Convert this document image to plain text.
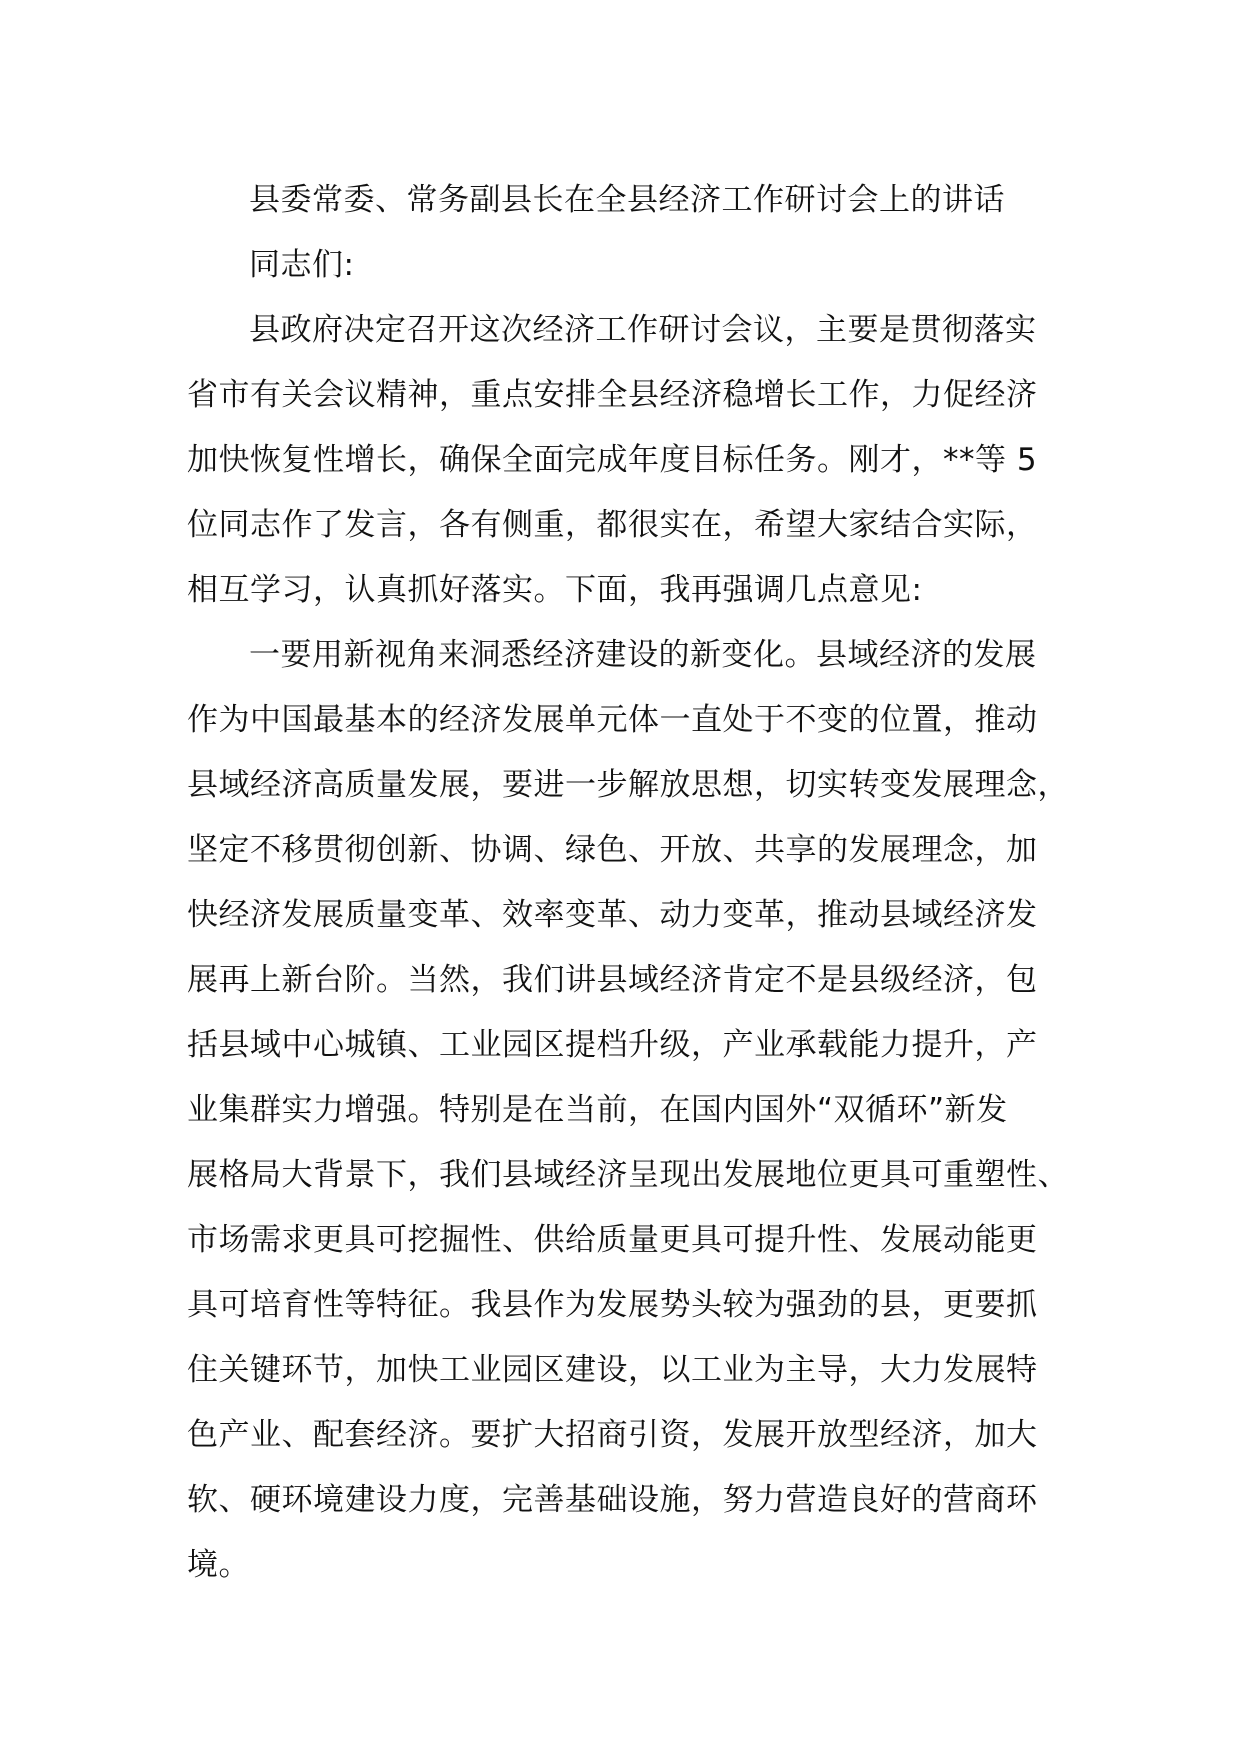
县委常委、常务副县长在全县经济工作研讨会上的讲话
同志们:
县政府决定召开这次经济工作研讨会议，主要是贯彻落实
省市有关会议精神，重点安排全县经济稳增长工作，力促经济
加快恢复性增长，确保全面完成年度目标任务。刚才，**等 5
位同志作了发言，各有侧重，都很实在，希望大家结合实际，
相互学习，认真抓好落实。下面，我再强调几点意见:
一要用新视角来洞悉经济建设的新变化。县域经济的发展
作为中国最基本的经济发展单元体一直处于不变的位置，推动
县域经济高质量发展，要进一步解放思想，切实转变发展理念，
坚定不移贯彻创新、协调、绿色、开放、共享的发展理念，加
快经济发展质量变革、效率变革、动力变革，推动县域经济发
展再上新台阶。当然，我们讲县域经济肯定不是县级经济，包
括县域中心城镇、工业园区提档升级，产业承载能力提升，产
业集群实力增强。特别是在当前，在国内国外“双循环”新发
展格局大背景下，我们县域经济呈现出发展地位更具可重塑性、
市场需求更具可挖掘性、供给质量更具可提升性、发展动能更
具可培育性等特征。我县作为发展势头较为强劲的县，更要抓
住关键环节，加快工业园区建设，以工业为主导，大力发展特
色产业、配套经济。要扩大招商引资，发展开放型经济，加大
软、硬环境建设力度，完善基础设施，努力营造良好的营商环
境。
